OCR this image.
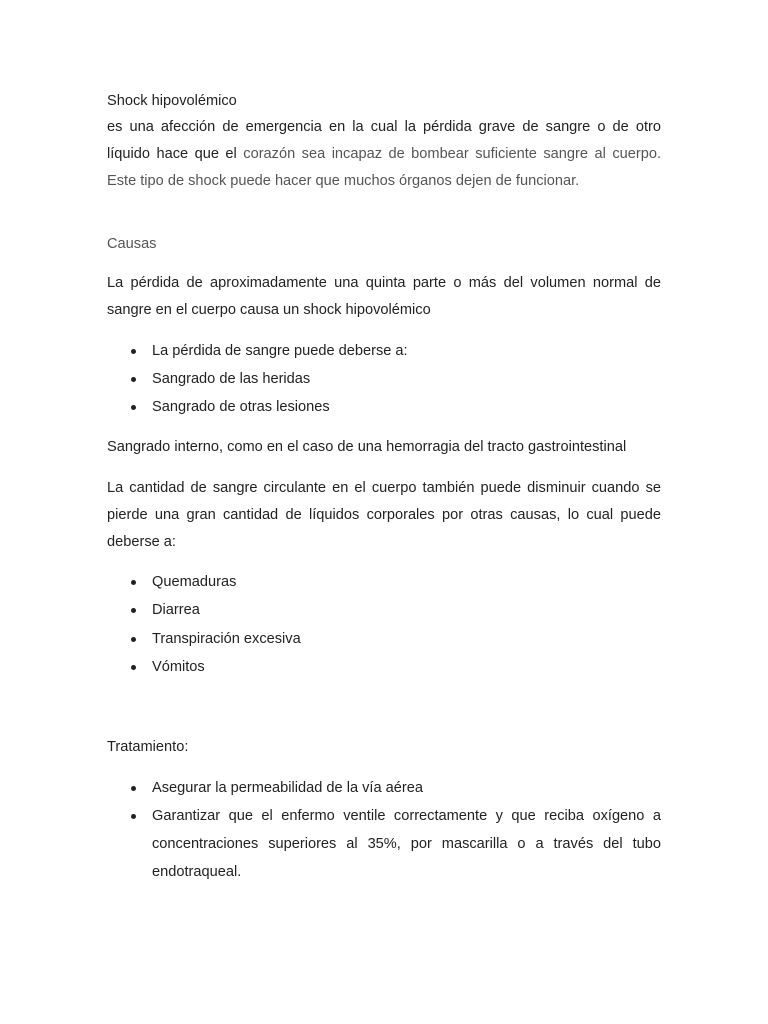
Shock hipovolémico

es una afección de emergencia en la cual la pérdida grave de sangre o de otro líquido hace que el corazón sea incapaz de bombear suficiente sangre al cuerpo. Este tipo de shock puede hacer que muchos órganos dejen de funcionar.

Causas

La pérdida de aproximadamente una quinta parte o más del volumen normal de sangre en el cuerpo causa un shock hipovolémico

La pérdida de sangre puede deberse a:
Sangrado de las heridas
Sangrado de otras lesiones

Sangrado interno, como en el caso de una hemorragia del tracto gastrointestinal

La cantidad de sangre circulante en el cuerpo también puede disminuir cuando se pierde una gran cantidad de líquidos corporales por otras causas, lo cual puede deberse a:

Quemaduras
Diarrea
Transpiración excesiva
Vómitos
Tratamiento:
Asegurar la permeabilidad de la vía aérea
Garantizar que el enfermo ventile correctamente y que reciba oxígeno a concentraciones superiores al 35%, por mascarilla o a través del tubo endotraqueal.
